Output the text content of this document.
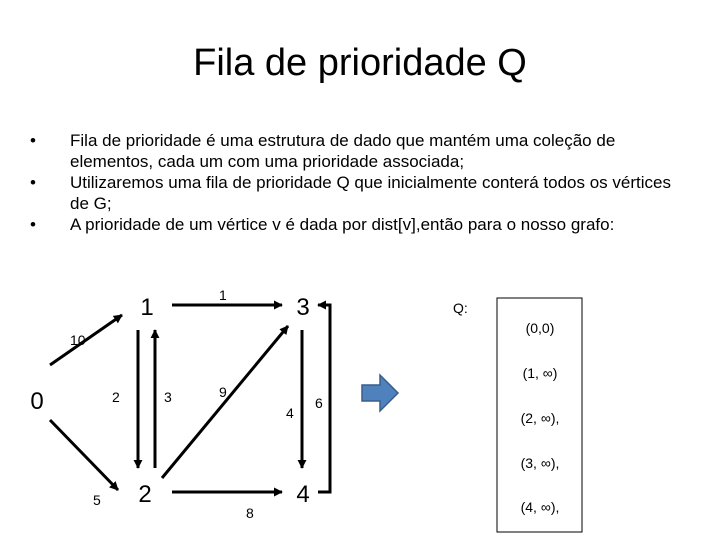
Fila de prioridade Q
• Fila de prioridade é uma estrutura de dado que mantém uma coleção de elementos, cada um com uma prioridade associada;
• Utilizaremos uma fila de prioridade Q que inicialmente conterá todos os vértices de G;
• A prioridade de um vértice v é dada por dist[v],então para o nosso grafo:
10
5
2	3
1
9
8
4
6
0
1
2
3
4
Q:
(0,0)
(1, ∞)
(2, ∞),
(3, ∞),
(4, ∞),
